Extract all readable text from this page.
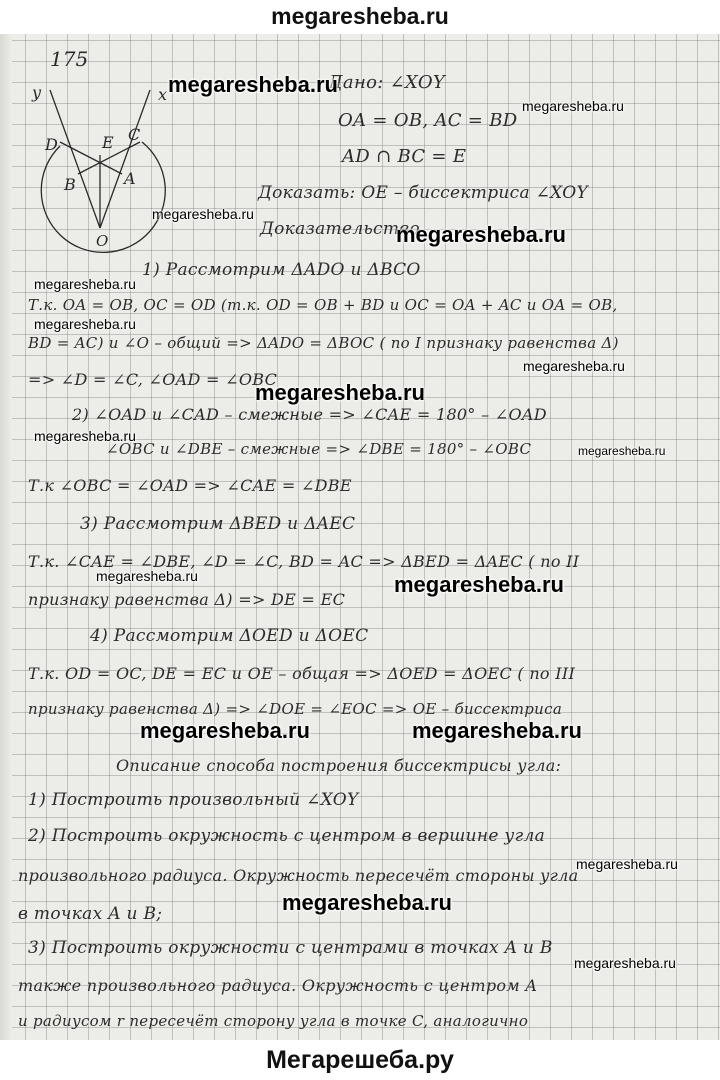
megaresheba.ru
175
y	x
D	E C
B	A
O
Дано: ∠XOY
OA = OB, AC = BD
AD ∩ BC = E
Доказать: OE – биссектриса ∠XOY
Доказательство
1) Рассмотрим ΔADO и ΔBCO
Т.к. OA = OB, OC = OD (т.к. OD = OB + BD и OC = OA + AC и OA = OB,
BD = AC) и ∠O – общий => ΔADO = ΔBOC ( по I признаку равенства Δ)
=> ∠D = ∠C, ∠OAD = ∠OBC
2) ∠OAD и ∠CAD – смежные => ∠CAE = 180° – ∠OAD
∠OBC и ∠DBE – смежные => ∠DBE = 180° – ∠OBC
Т.к ∠OBC = ∠OAD => ∠CAE = ∠DBE
3) Рассмотрим ΔBED и ΔAEC
Т.к. ∠CAE = ∠DBE, ∠D = ∠C, BD = AC => ΔBED = ΔAEC ( по II
признаку равенства Δ) => DE = EC
4) Рассмотрим ΔOED и ΔOEC
Т.к. OD = OC, DE = EC и OE – общая => ΔOED = ΔOEC ( по III
признаку равенства Δ) => ∠DOE = ∠EOC => OE – биссектриса
Описание способа построения биссектрисы угла:
1) Построить произвольный ∠XOY
2) Построить окружность с центром в вершине угла
произвольного радиуса. Окружность пересечёт стороны угла
в точках A и B;
3) Построить окружности с центрами в точках A и B
также произвольного радиуса. Окружность с центром A
и радиусом r пересечёт сторону угла в точке C, аналогично
megaresheba.ru
megaresheba.ru
megaresheba.ru
megaresheba.ru
megaresheba.ru
megaresheba.ru
megaresheba.ru
megaresheba.ru
megaresheba.ru
megaresheba.ru	megaresheba.ru
megaresheba.ru	megaresheba.ru
megaresheba.ru
megaresheba.ru
megaresheba.ru
megaresheba.ru
Мегарешеба.ру
